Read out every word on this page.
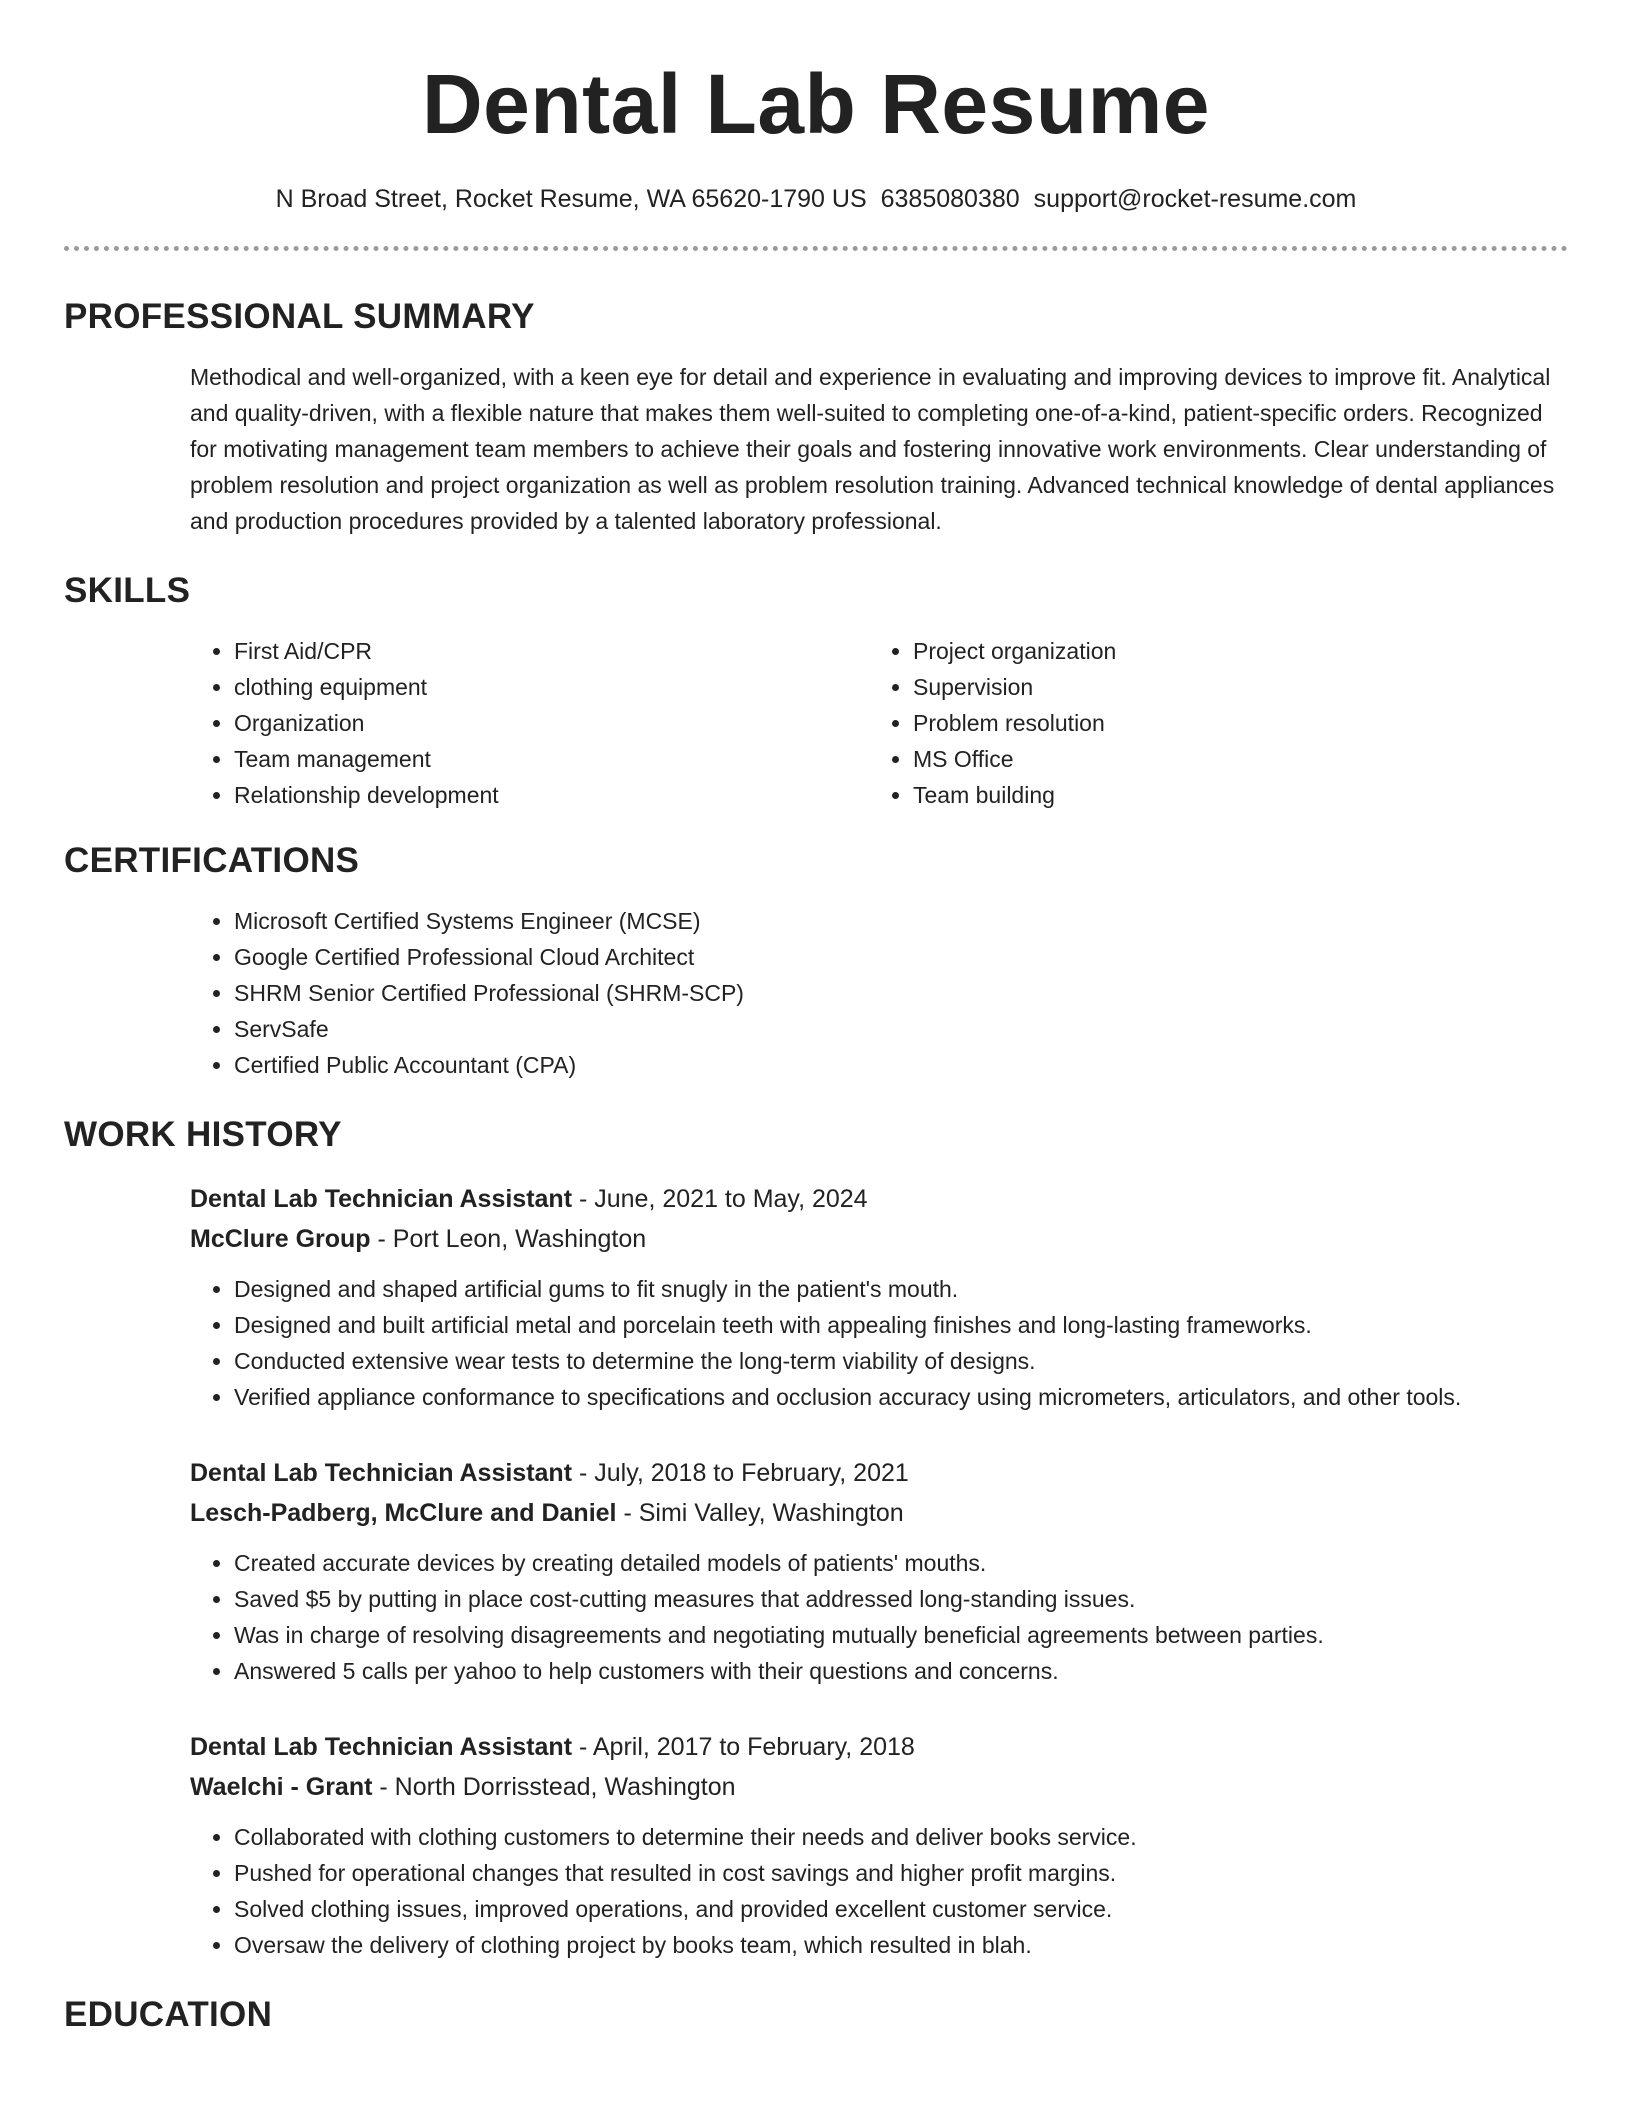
Dental Lab Resume
N Broad Street, Rocket Resume, WA 65620-1790 US 6385080380 support@rocket-resume.com
PROFESSIONAL SUMMARY

Methodical and well-organized, with a keen eye for detail and experience in evaluating and improving devices to improve fit. Analytical and quality-driven, with a flexible nature that makes them well-suited to completing one-of-a-kind, patient-specific orders. Recognized for motivating management team members to achieve their goals and fostering innovative work environments. Clear understanding of problem resolution and project organization as well as problem resolution training. Advanced technical knowledge of dental appliances and production procedures provided by a talented laboratory professional.

SKILLS
• First Aid/CPR
• clothing equipment
• Organization
• Team management
• Relationship development
• Project organization
• Supervision
• Problem resolution
• MS Office
• Team building
CERTIFICATIONS
• Microsoft Certified Systems Engineer (MCSE)
• Google Certified Professional Cloud Architect
• SHRM Senior Certified Professional (SHRM-SCP)
• ServSafe
• Certified Public Accountant (CPA)
WORK HISTORY
Dental Lab Technician Assistant - June, 2021 to May, 2024
McClure Group - Port Leon, Washington
• Designed and shaped artificial gums to fit snugly in the patient's mouth.
• Designed and built artificial metal and porcelain teeth with appealing finishes and long-lasting frameworks.
• Conducted extensive wear tests to determine the long-term viability of designs.
• Verified appliance conformance to specifications and occlusion accuracy using micrometers, articulators, and other tools.
Dental Lab Technician Assistant - July, 2018 to February, 2021
Lesch-Padberg, McClure and Daniel - Simi Valley, Washington
• Created accurate devices by creating detailed models of patients' mouths.
• Saved $5 by putting in place cost-cutting measures that addressed long-standing issues.
• Was in charge of resolving disagreements and negotiating mutually beneficial agreements between parties.
• Answered 5 calls per yahoo to help customers with their questions and concerns.
Dental Lab Technician Assistant - April, 2017 to February, 2018
Waelchi - Grant - North Dorrisstead, Washington
• Collaborated with clothing customers to determine their needs and deliver books service.
• Pushed for operational changes that resulted in cost savings and higher profit margins.
• Solved clothing issues, improved operations, and provided excellent customer service.
• Oversaw the delivery of clothing project by books team, which resulted in blah.
EDUCATION
